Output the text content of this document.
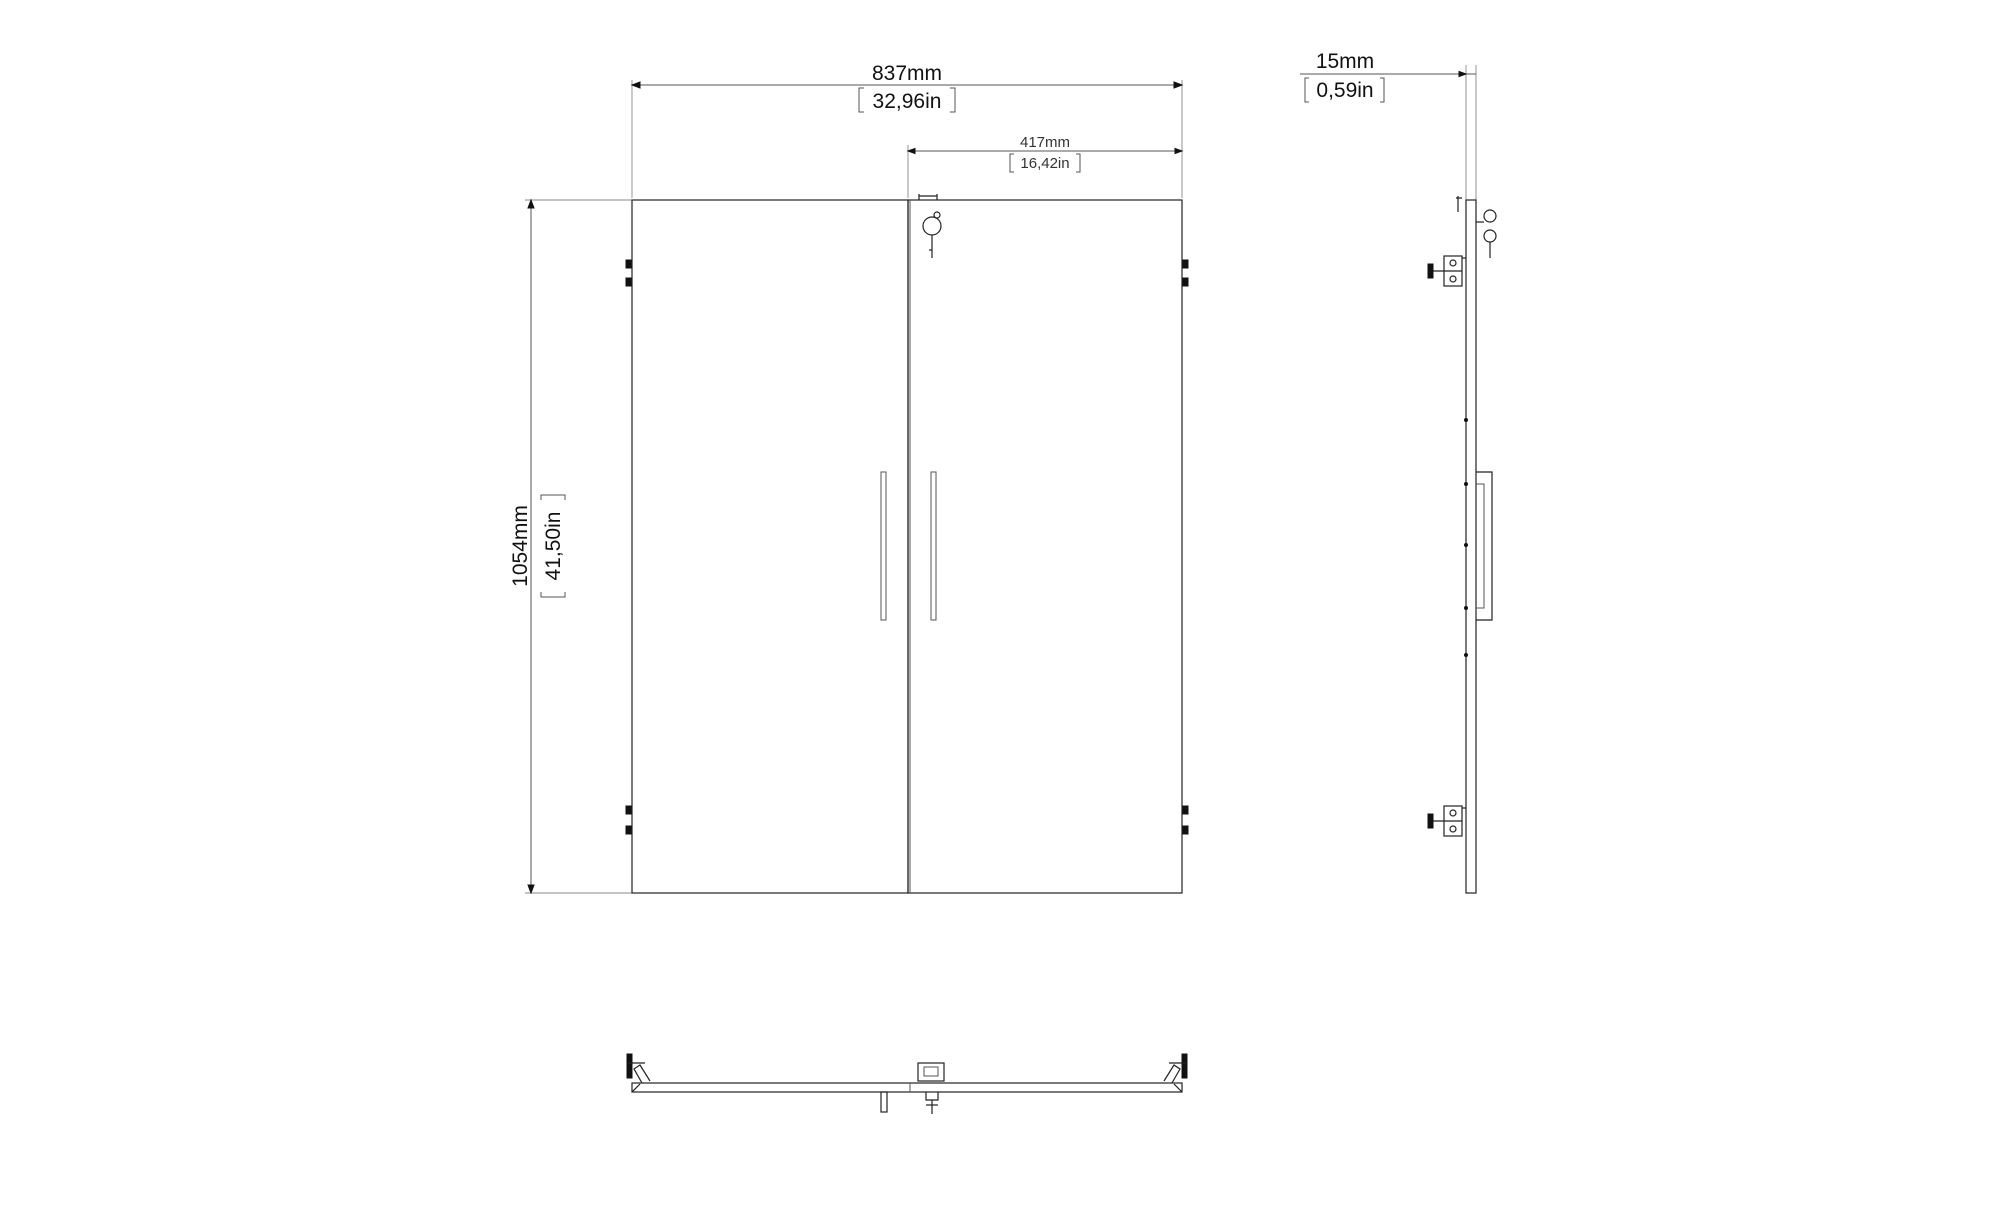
837mm
32,96in
417mm
16,42in
1054mm 41,50in
15mm
0,59in
